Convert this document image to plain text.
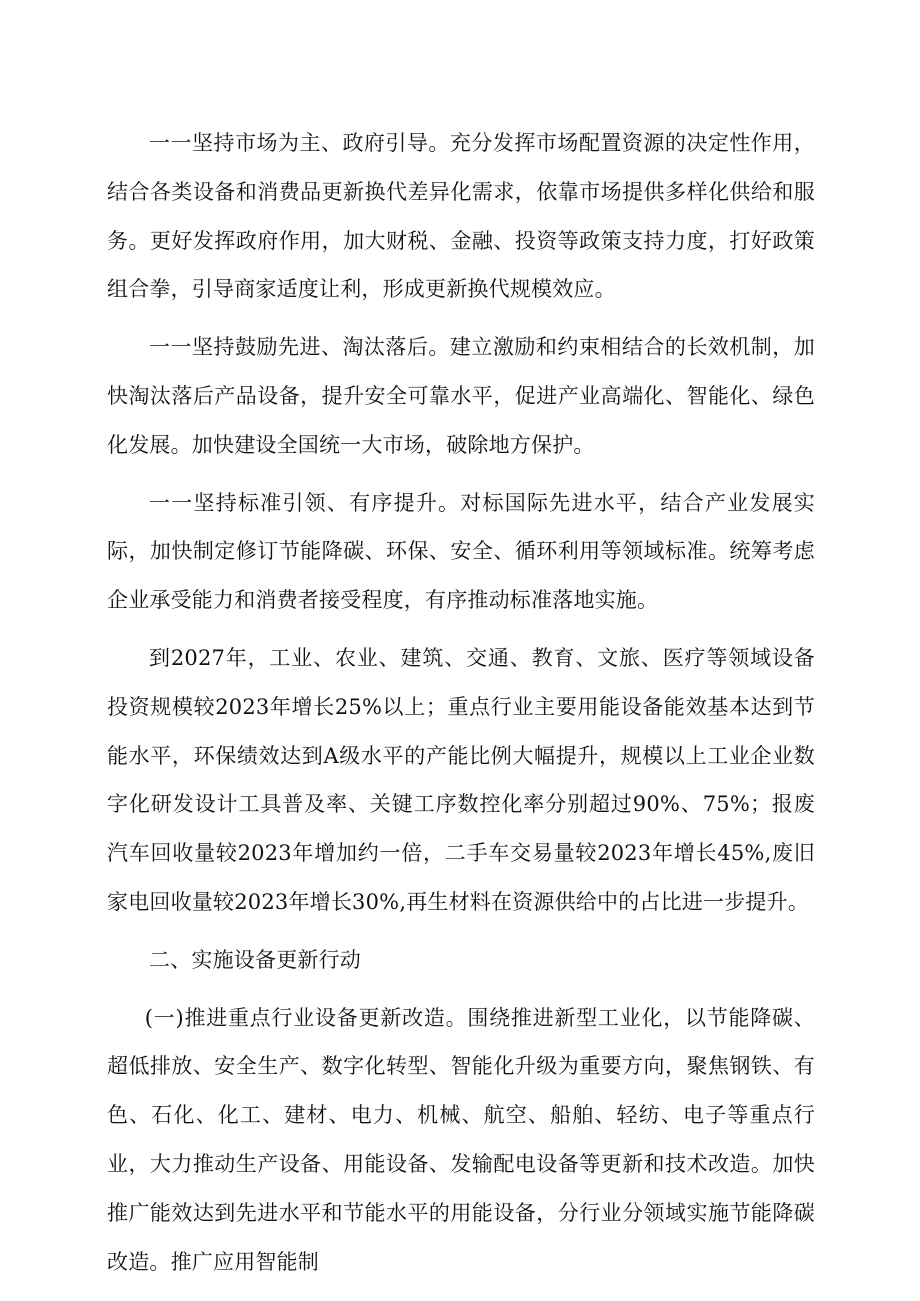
一一坚持市场为主、政府引导。充分发挥市场配置资源的决定性作用，结合各类设备和消费品更新换代差异化需求，依靠市场提供多样化供给和服务。更好发挥政府作用，加大财税、金融、投资等政策支持力度，打好政策组合拳，引导商家适度让利，形成更新换代规模效应。

一一坚持鼓励先进、淘汰落后。建立激励和约束相结合的长效机制，加快淘汰落后产品设备，提升安全可靠水平，促进产业高端化、智能化、绿色化发展。加快建设全国统一大市场，破除地方保护。

一一坚持标准引领、有序提升。对标国际先进水平，结合产业发展实际，加快制定修订节能降碳、环保、安全、循环利用等领域标准。统筹考虑企业承受能力和消费者接受程度，有序推动标准落地实施。

到2027年，工业、农业、建筑、交通、教育、文旅、医疗等领域设备投资规模较2023年增长25%以上；重点行业主要用能设备能效基本达到节能水平，环保绩效达到A级水平的产能比例大幅提升，规模以上工业企业数字化研发设计工具普及率、关键工序数控化率分别超过90%、75%；报废汽车回收量较2023年增加约一倍，二手车交易量较2023年增长45%,废旧家电回收量较2023年增长30%,再生材料在资源供给中的占比进一步提升。

二、实施设备更新行动

(一)推进重点行业设备更新改造。围绕推进新型工业化，以节能降碳、超低排放、安全生产、数字化转型、智能化升级为重要方向，聚焦钢铁、有色、石化、化工、建材、电力、机械、航空、船舶、轻纺、电子等重点行业，大力推动生产设备、用能设备、发输配电设备等更新和技术改造。加快推广能效达到先进水平和节能水平的用能设备，分行业分领域实施节能降碳改造。推广应用智能制
